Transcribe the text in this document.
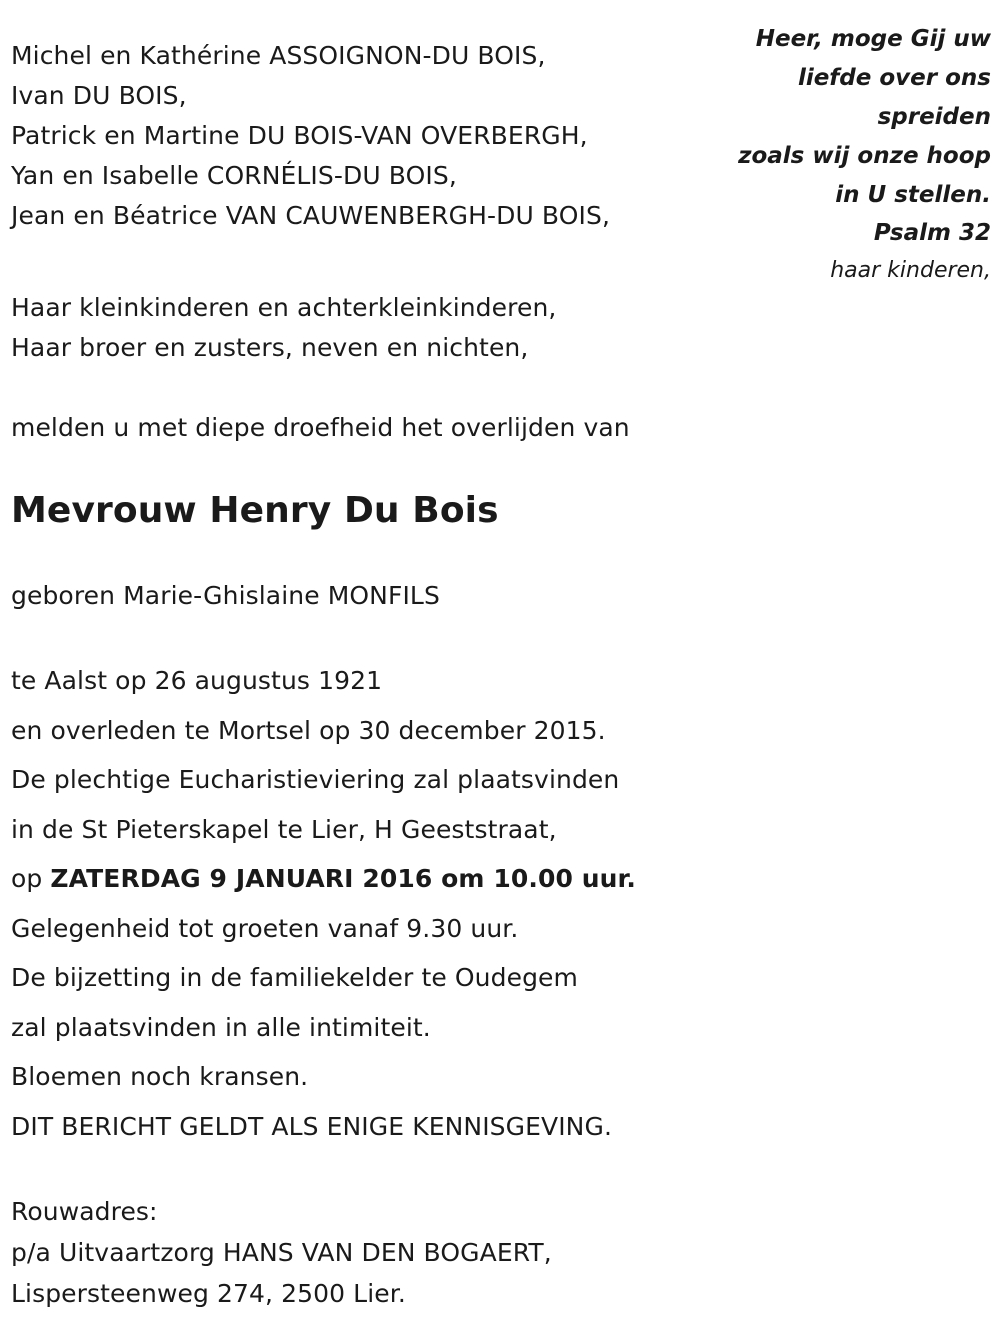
Michel en Kathérine ASSOIGNON-DU BOIS,
Ivan DU BOIS,
Patrick en Martine DU BOIS-VAN OVERBERGH,
Yan en Isabelle CORNÉLIS-DU BOIS,
Jean en Béatrice VAN CAUWENBERGH-DU BOIS,
Haar kleinkinderen en achterkleinkinderen,
Haar broer en zusters, neven en nichten,
melden u met diepe droefheid het overlijden van
Mevrouw Henry Du Bois
geboren Marie-Ghislaine MONFILS
te Aalst op 26 augustus 1921
en overleden te Mortsel op 30 december 2015.
De plechtige Eucharistieviering zal plaatsvinden
in de St Pieterskapel te Lier, H Geeststraat,
op ZATERDAG 9 JANUARI 2016 om 10.00 uur.
Gelegenheid tot groeten vanaf 9.30 uur.
De bijzetting in de familiekelder te Oudegem
zal plaatsvinden in alle intimiteit.
Bloemen noch kransen.
DIT BERICHT GELDT ALS ENIGE KENNISGEVING.
Rouwadres:
p/a Uitvaartzorg HANS VAN DEN BOGAERT,
Lispersteenweg 274, 2500 Lier.
Heer, moge Gij uw
liefde over ons
spreiden
zoals wij onze hoop
in U stellen.
Psalm 32
haar kinderen,
